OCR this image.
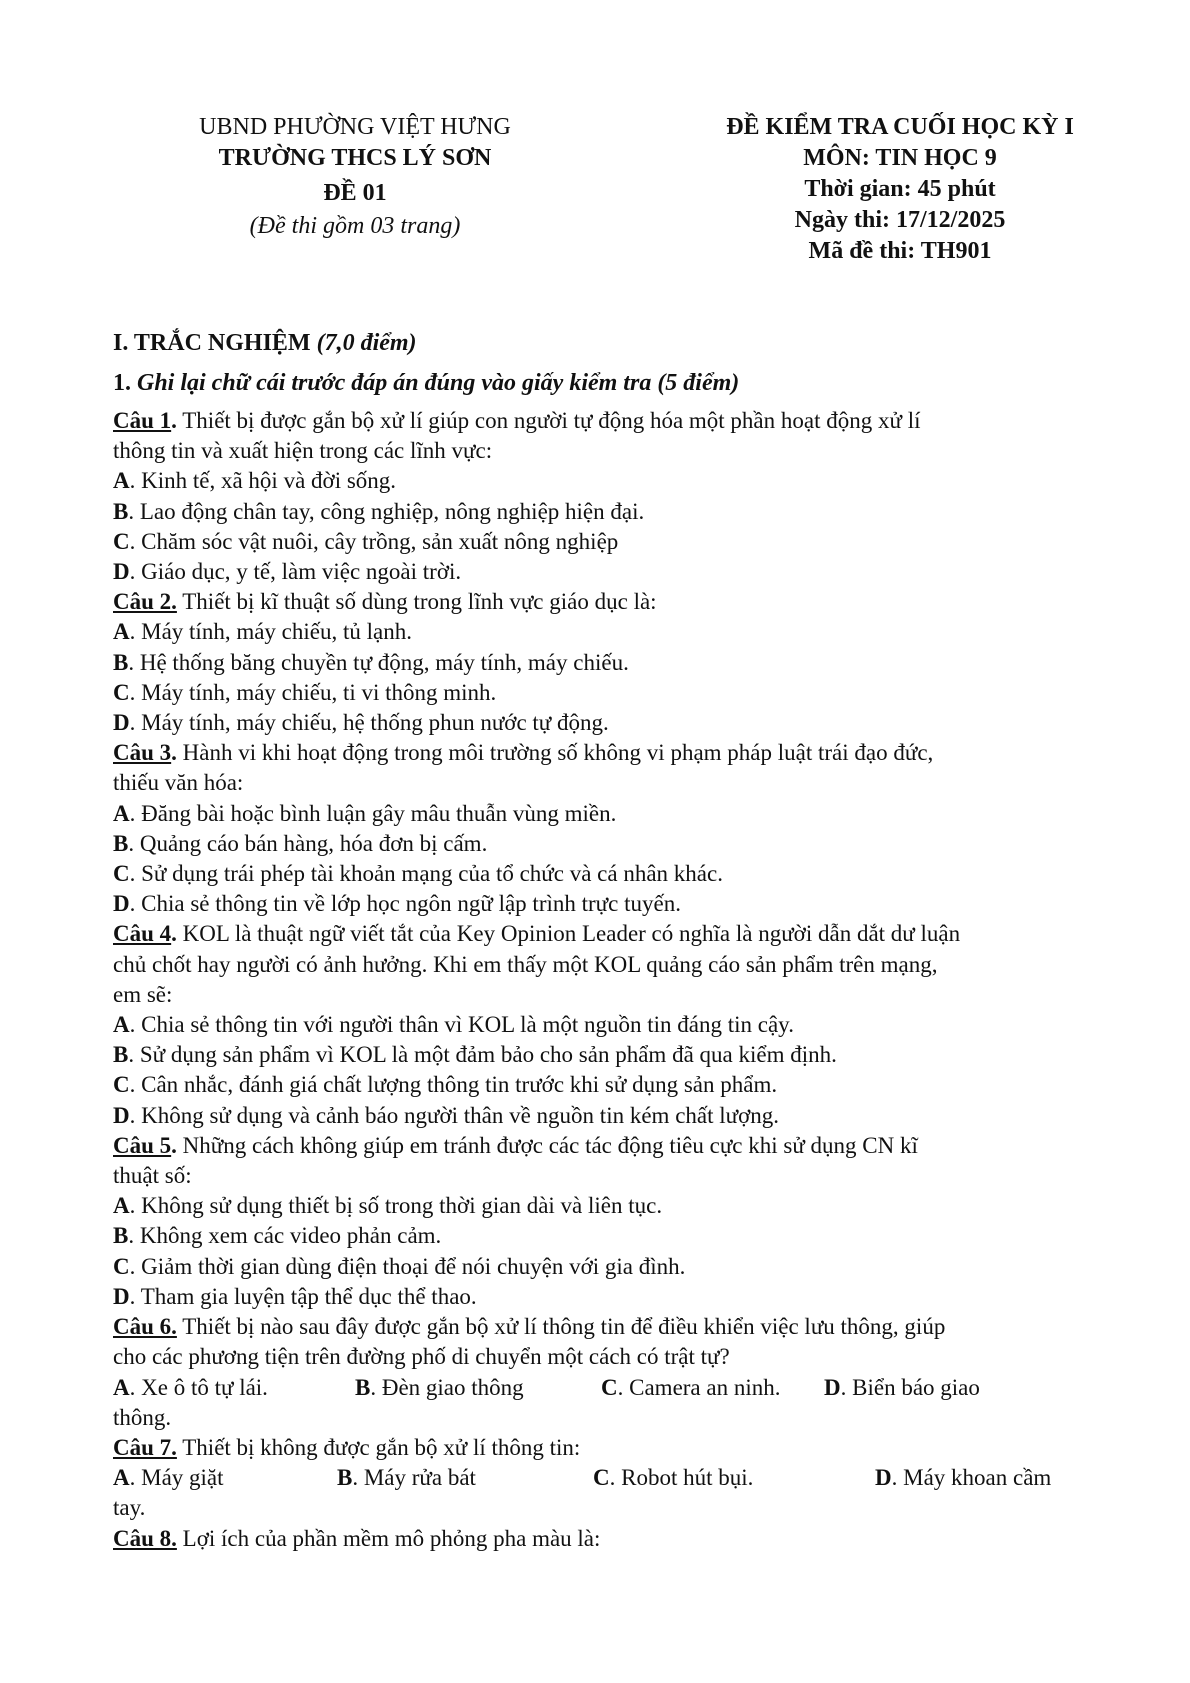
UBND PHƯỜNG VIỆT HƯNG
TRƯỜNG THCS LÝ SƠN
ĐỀ 01
(Đề thi gồm 03 trang)
ĐỀ KIỂM TRA CUỐI HỌC KỲ I
MÔN: TIN HỌC 9
Thời gian: 45 phút
Ngày thi: 17/12/2025
Mã đề thi: TH901
I. TRẮC NGHIỆM (7,0 điểm)
1. Ghi lại chữ cái trước đáp án đúng vào giấy kiểm tra (5 điểm)
Câu 1. Thiết bị được gắn bộ xử lí giúp con người tự động hóa một phần hoạt động xử lí
thông tin và xuất hiện trong các lĩnh vực:
A. Kinh tế, xã hội và đời sống.
B. Lao động chân tay, công nghiệp, nông nghiệp hiện đại.
C. Chăm sóc vật nuôi, cây trồng, sản xuất nông nghiệp
D. Giáo dục, y tế, làm việc ngoài trời.
Câu 2. Thiết bị kĩ thuật số dùng trong lĩnh vực giáo dục là:
A. Máy tính, máy chiếu, tủ lạnh.
B. Hệ thống băng chuyền tự động, máy tính, máy chiếu.
C. Máy tính, máy chiếu, ti vi thông minh.
D. Máy tính, máy chiếu, hệ thống phun nước tự động.
Câu 3. Hành vi khi hoạt động trong môi trường số không vi phạm pháp luật trái đạo đức,
thiếu văn hóa:
A. Đăng bài hoặc bình luận gây mâu thuẫn vùng miền.
B. Quảng cáo bán hàng, hóa đơn bị cấm.
C. Sử dụng trái phép tài khoản mạng của tổ chức và cá nhân khác.
D. Chia sẻ thông tin về lớp học ngôn ngữ lập trình trực tuyến.
Câu 4. KOL là thuật ngữ viết tắt của Key Opinion Leader có nghĩa là người dẫn dắt dư luận
chủ chốt hay người có ảnh hưởng. Khi em thấy một KOL quảng cáo sản phẩm trên mạng,
em sẽ:
A. Chia sẻ thông tin với người thân vì KOL là một nguồn tin đáng tin cậy.
B. Sử dụng sản phẩm vì KOL là một đảm bảo cho sản phẩm đã qua kiểm định.
C. Cân nhắc, đánh giá chất lượng thông tin trước khi sử dụng sản phẩm.
D. Không sử dụng và cảnh báo người thân về nguồn tin kém chất lượng.
Câu 5. Những cách không giúp em tránh được các tác động tiêu cực khi sử dụng CN kĩ
thuật số:
A. Không sử dụng thiết bị số trong thời gian dài và liên tục.
B. Không xem các video phản cảm.
C. Giảm thời gian dùng điện thoại để nói chuyện với gia đình.
D. Tham gia luyện tập thể dục thể thao.
Câu 6. Thiết bị nào sau đây được gắn bộ xử lí thông tin để điều khiển việc lưu thông, giúp
cho các phương tiện trên đường phố di chuyển một cách có trật tự?
A. Xe ô tô tự lái.	B. Đèn giao thông	C. Camera an ninh.	D. Biển báo giao
thông.
Câu 7. Thiết bị không được gắn bộ xử lí thông tin:
A. Máy giặt	B. Máy rửa bát	C. Robot hút bụi.	D. Máy khoan cầm
tay.
Câu 8. Lợi ích của phần mềm mô phỏng pha màu là:
